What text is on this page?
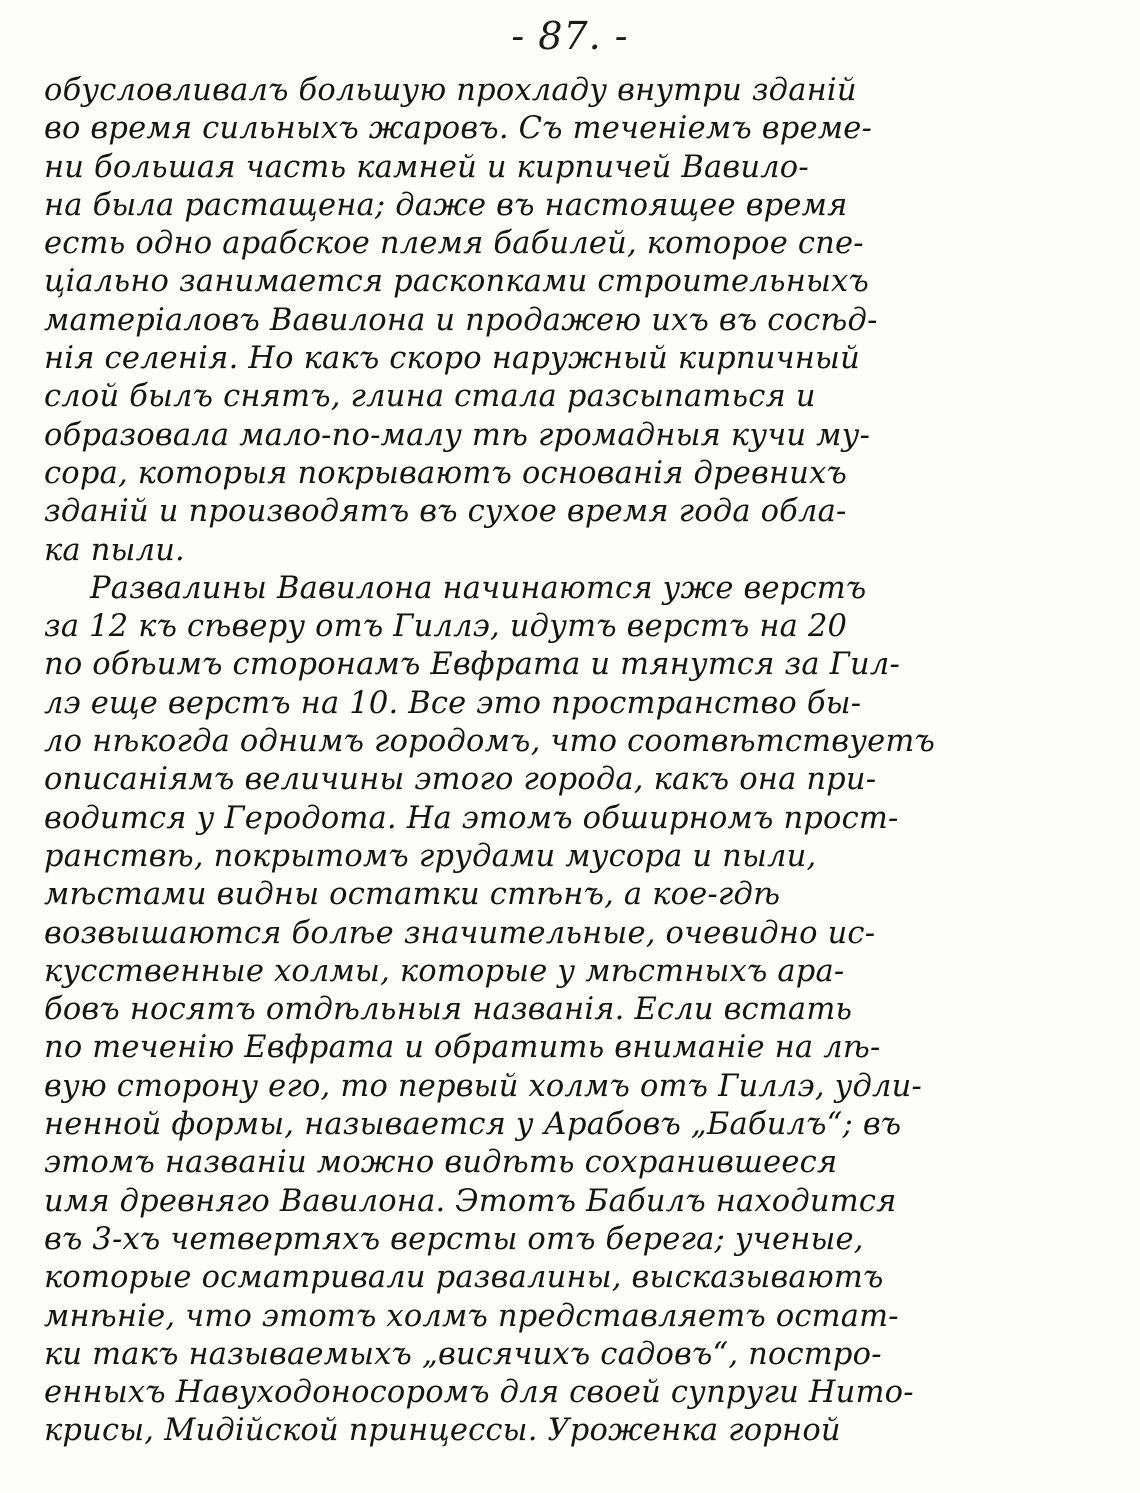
- 87. -
обусловливалъ большую прохладу внутри зданій
во время сильныхъ жаровъ. Съ теченіемъ време-
ни большая часть камней и кирпичей Вавило-
на была растащена; даже въ настоящее время
есть одно арабское племя бабилей, которое спе-
ціально занимается раскопками строительныхъ
матеріаловъ Вавилона и продажею ихъ въ сосѣд-
нія селенія. Но какъ скоро наружный кирпичный
слой былъ снятъ, глина стала разсыпаться и
образовала мало-по-малу тѣ громадныя кучи му-
сора, которыя покрываютъ основанія древнихъ
зданій и производятъ въ сухое время года обла-
ка пыли.
Развалины Вавилона начинаются уже верстъ
за 12 къ сѣверу отъ Гиллэ, идутъ верстъ на 20
по обѣимъ сторонамъ Евфрата и тянутся за Гил-
лэ еще верстъ на 10. Все это пространство бы-
ло нѣкогда однимъ городомъ, что соотвѣтствуетъ
описаніямъ величины этого города, какъ она при-
водится у Геродота. На этомъ обширномъ прост-
ранствѣ, покрытомъ грудами мусора и пыли,
мѣстами видны остатки стѣнъ, а кое-гдѣ
возвышаются болѣе значительные, очевидно ис-
кусственные холмы, которые у мѣстныхъ ара-
бовъ носятъ отдѣльныя названія. Если встать
по теченію Евфрата и обратить вниманіе на лѣ-
вую сторону его, то первый холмъ отъ Гиллэ, удли-
ненной формы, называется у Арабовъ „Бабилъ“; въ
этомъ названіи можно видѣть сохранившееся
имя древняго Вавилона. Этотъ Бабилъ находится
въ 3-хъ четвертяхъ версты отъ берега; ученые,
которые осматривали развалины, высказываютъ
мнѣніе, что этотъ холмъ представляетъ остат-
ки такъ называемыхъ „висячихъ садовъ“, постро-
енныхъ Навуходоносоромъ для своей супруги Нито-
крисы, Мидійской принцессы. Уроженка горной
